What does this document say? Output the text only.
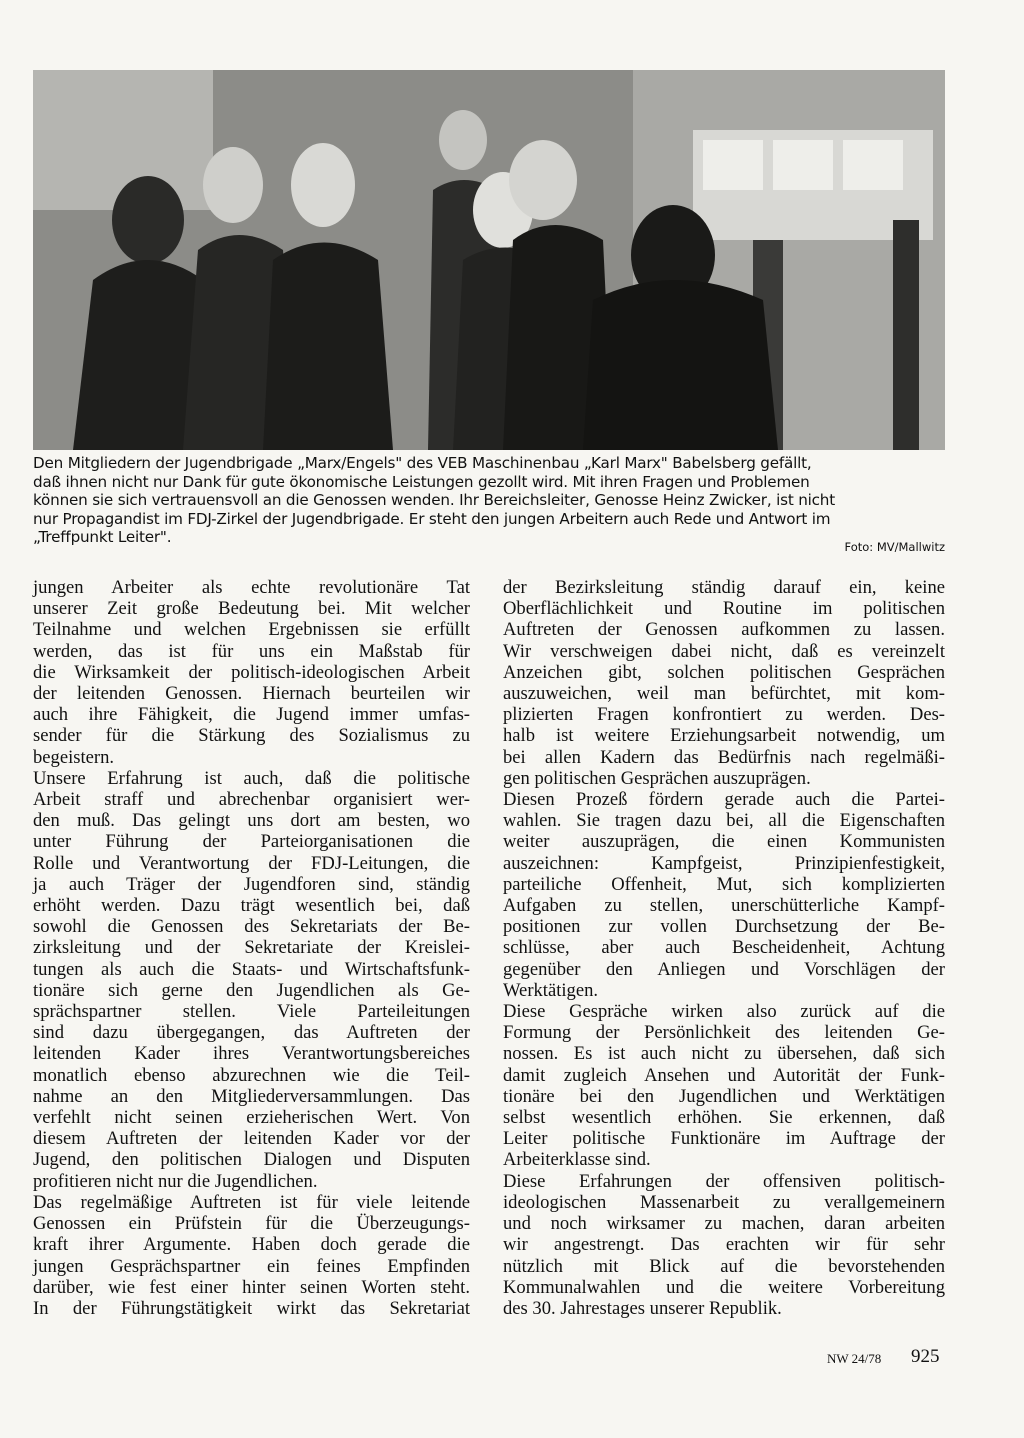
Den Mitgliedern der Jugendbrigade „Marx/Engels" des VEB Maschinenbau „Karl Marx" Babelsberg gefällt,
daß ihnen nicht nur Dank für gute ökonomische Leistungen gezollt wird. Mit ihren Fragen und Problemen
können sie sich vertrauensvoll an die Genossen wenden. Ihr Bereichsleiter, Genosse Heinz Zwicker, ist nicht
nur Propagandist im FDJ-Zirkel der Jugendbrigade. Er steht den jungen Arbeitern auch Rede und Antwort im
„Treffpunkt Leiter".
Foto: MV/Mallwitz
jungen Arbeiter als echte revolutionäre Tat
unserer Zeit große Bedeutung bei. Mit welcher
Teilnahme und welchen Ergebnissen sie erfüllt
werden, das ist für uns ein Maßstab für
die Wirksamkeit der politisch-ideologischen Arbeit
der leitenden Genossen. Hiernach beurteilen wir
auch ihre Fähigkeit, die Jugend immer umfas-
sender für die Stärkung des Sozialismus zu
begeistern.
Unsere Erfahrung ist auch, daß die politische
Arbeit straff und abrechenbar organisiert wer-
den muß. Das gelingt uns dort am besten, wo
unter Führung der Parteiorganisationen die
Rolle und Verantwortung der FDJ-Leitungen, die
ja auch Träger der Jugendforen sind, ständig
erhöht werden. Dazu trägt wesentlich bei, daß
sowohl die Genossen des Sekretariats der Be-
zirksleitung und der Sekretariate der Kreislei-
tungen als auch die Staats- und Wirtschaftsfunk-
tionäre sich gerne den Jugendlichen als Ge-
sprächspartner stellen. Viele Parteileitungen
sind dazu übergegangen, das Auftreten der
leitenden Kader ihres Verantwortungsbereiches
monatlich ebenso abzurechnen wie die Teil-
nahme an den Mitgliederversammlungen. Das
verfehlt nicht seinen erzieherischen Wert. Von
diesem Auftreten der leitenden Kader vor der
Jugend, den politischen Dialogen und Disputen
profitieren nicht nur die Jugendlichen.
Das regelmäßige Auftreten ist für viele leitende
Genossen ein Prüfstein für die Überzeugungs-
kraft ihrer Argumente. Haben doch gerade die
jungen Gesprächspartner ein feines Empfinden
darüber, wie fest einer hinter seinen Worten steht.
In der Führungstätigkeit wirkt das Sekretariat
der Bezirksleitung ständig darauf ein, keine
Oberflächlichkeit und Routine im politischen
Auftreten der Genossen aufkommen zu lassen.
Wir verschweigen dabei nicht, daß es vereinzelt
Anzeichen gibt, solchen politischen Gesprächen
auszuweichen, weil man befürchtet, mit kom-
plizierten Fragen konfrontiert zu werden. Des-
halb ist weitere Erziehungsarbeit notwendig, um
bei allen Kadern das Bedürfnis nach regelmäßi-
gen politischen Gesprächen auszuprägen.
Diesen Prozeß fördern gerade auch die Partei-
wahlen. Sie tragen dazu bei, all die Eigenschaften
weiter auszuprägen, die einen Kommunisten
auszeichnen: Kampfgeist, Prinzipienfestigkeit,
parteiliche Offenheit, Mut, sich komplizierten
Aufgaben zu stellen, unerschütterliche Kampf-
positionen zur vollen Durchsetzung der Be-
schlüsse, aber auch Bescheidenheit, Achtung
gegenüber den Anliegen und Vorschlägen der
Werktätigen.
Diese Gespräche wirken also zurück auf die
Formung der Persönlichkeit des leitenden Ge-
nossen. Es ist auch nicht zu übersehen, daß sich
damit zugleich Ansehen und Autorität der Funk-
tionäre bei den Jugendlichen und Werktätigen
selbst wesentlich erhöhen. Sie erkennen, daß
Leiter politische Funktionäre im Auftrage der
Arbeiterklasse sind.
Diese Erfahrungen der offensiven politisch-
ideologischen Massenarbeit zu verallgemeinern
und noch wirksamer zu machen, daran arbeiten
wir angestrengt. Das erachten wir für sehr
nützlich mit Blick auf die bevorstehenden
Kommunalwahlen und die weitere Vorbereitung
des 30. Jahrestages unserer Republik.
NW 24/78 925
